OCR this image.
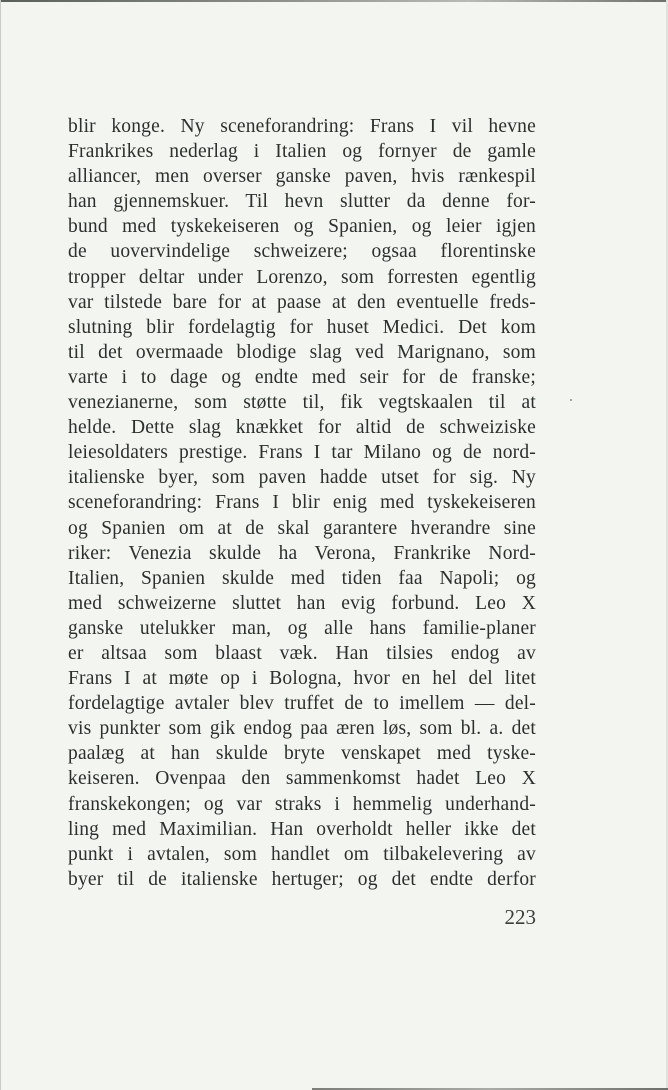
blir konge. Ny sceneforandring: Frans I vil hevne
Frankrikes nederlag i Italien og fornyer de gamle
alliancer, men overser ganske paven, hvis rænkespil
han gjennemskuer. Til hevn slutter da denne for-
bund med tyskekeiseren og Spanien, og leier igjen
de uovervindelige schweizere; ogsaa florentinske
tropper deltar under Lorenzo, som forresten egentlig
var tilstede bare for at paase at den eventuelle freds-
slutning blir fordelagtig for huset Medici. Det kom
til det overmaade blodige slag ved Marignano, som
varte i to dage og endte med seir for de franske;
venezianerne, som støtte til, fik vegtskaalen til at
helde. Dette slag knækket for altid de schweiziske
leiesoldaters prestige. Frans I tar Milano og de nord-
italienske byer, som paven hadde utset for sig. Ny
sceneforandring: Frans I blir enig med tyskekeiseren
og Spanien om at de skal garantere hverandre sine
riker: Venezia skulde ha Verona, Frankrike Nord-
Italien, Spanien skulde med tiden faa Napoli; og
med schweizerne sluttet han evig forbund. Leo X
ganske utelukker man, og alle hans familie-planer
er altsaa som blaast væk. Han tilsies endog av
Frans I at møte op i Bologna, hvor en hel del litet
fordelagtige avtaler blev truffet de to imellem — del-
vis punkter som gik endog paa æren løs, som bl. a. det
paalæg at han skulde bryte venskapet med tyske-
keiseren. Ovenpaa den sammenkomst hadet Leo X
franskekongen; og var straks i hemmelig underhand-
ling med Maximilian. Han overholdt heller ikke det
punkt i avtalen, som handlet om tilbakelevering av
byer til de italienske hertuger; og det endte derfor
223
